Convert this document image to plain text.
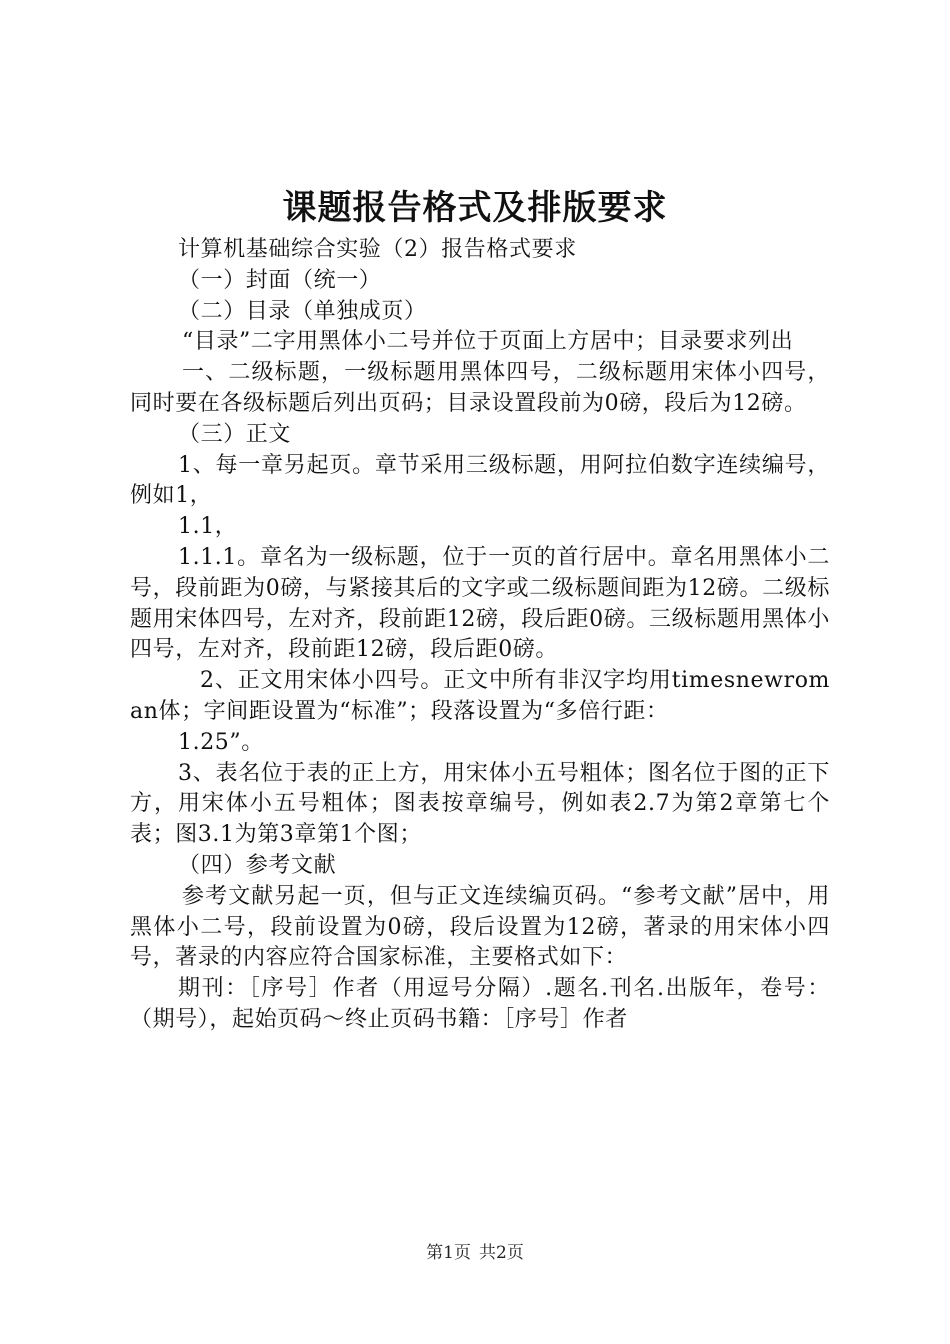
课题报告格式及排版要求

计算机基础综合实验（2）报告格式要求

（一）封面（统一）

（二）目录（单独成页）

“目录”二字用黑体小二号并位于页面上方居中；目录要求列出

一、二级标题，一级标题用黑体四号，二级标题用宋体小四号，同时要在各级标题后列出页码；目录设置段前为0磅，段后为12磅。

（三）正文

1、每一章另起页。章节采用三级标题，用阿拉伯数字连续编号，例如1，

1.1，

1.1.1。章名为一级标题，位于一页的首行居中。章名用黑体小二号，段前距为0磅，与紧接其后的文字或二级标题间距为12磅。二级标题用宋体四号，左对齐，段前距12磅，段后距0磅。三级标题用黑体小四号，左对齐，段前距12磅，段后距0磅。

2、正文用宋体小四号。正文中所有非汉字均用timesnewroman体；字间距设置为“标准”；段落设置为“多倍行距：

1.25”。

3、表名位于表的正上方，用宋体小五号粗体；图名位于图的正下方，用宋体小五号粗体；图表按章编号，例如表2.7为第2章第七个表；图3.1为第3章第1个图；

（四）参考文献

参考文献另起一页，但与正文连续编页码。“参考文献”居中，用黑体小二号，段前设置为0磅，段后设置为12磅，著录的用宋体小四号，著录的内容应符合国家标准，主要格式如下：

期刊：［序号］作者（用逗号分隔）.题名.刊名.出版年，卷号：（期号），起始页码～终止页码书籍：［序号］作者

第1页 共2页
